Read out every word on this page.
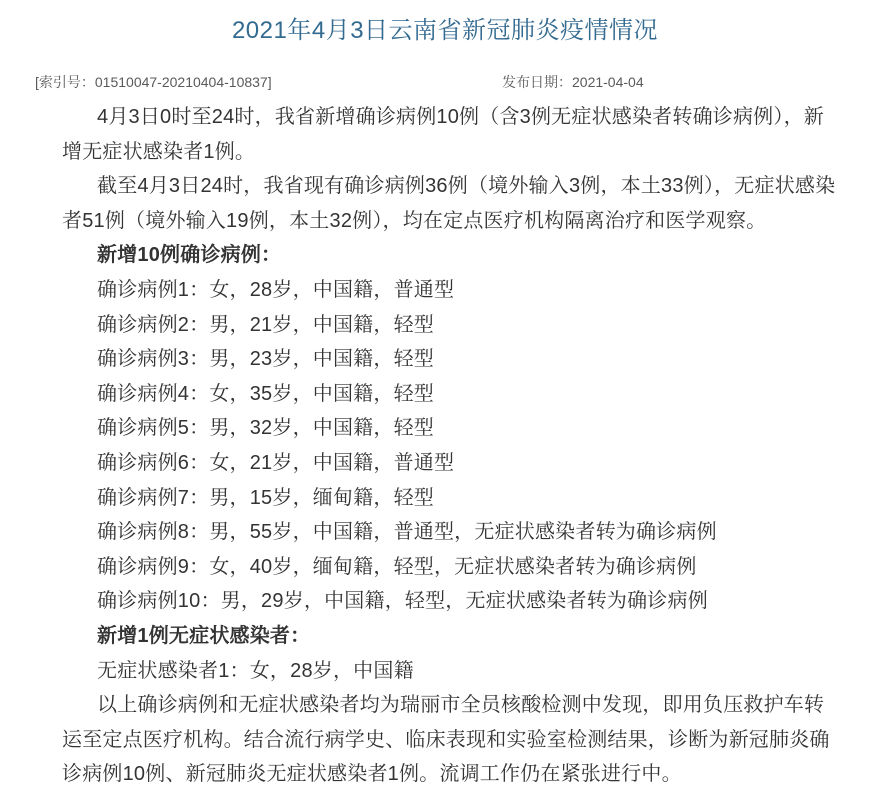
2021年4月3日云南省新冠肺炎疫情情况
[索引号：01510047-20210404-10837]	发布日期：2021-04-04

4月3日0时至24时，我省新增确诊病例10例（含3例无症状感染者转确诊病例），新增无症状感染者1例。

截至4月3日24时，我省现有确诊病例36例（境外输入3例，本土33例），无症状感染者51例（境外输入19例，本土32例），均在定点医疗机构隔离治疗和医学观察。

新增10例确诊病例：

确诊病例1：女，28岁，中国籍，普通型

确诊病例2：男，21岁，中国籍，轻型

确诊病例3：男，23岁，中国籍，轻型

确诊病例4：女，35岁，中国籍，轻型

确诊病例5：男，32岁，中国籍，轻型

确诊病例6：女，21岁，中国籍，普通型

确诊病例7：男，15岁，缅甸籍，轻型

确诊病例8：男，55岁，中国籍，普通型，无症状感染者转为确诊病例

确诊病例9：女，40岁，缅甸籍，轻型，无症状感染者转为确诊病例

确诊病例10：男，29岁，中国籍，轻型，无症状感染者转为确诊病例

新增1例无症状感染者：

无症状感染者1：女，28岁，中国籍

以上确诊病例和无症状感染者均为瑞丽市全员核酸检测中发现，即用负压救护车转运至定点医疗机构。结合流行病学史、临床表现和实验室检测结果，诊断为新冠肺炎确诊病例10例、新冠肺炎无症状感染者1例。流调工作仍在紧张进行中。
